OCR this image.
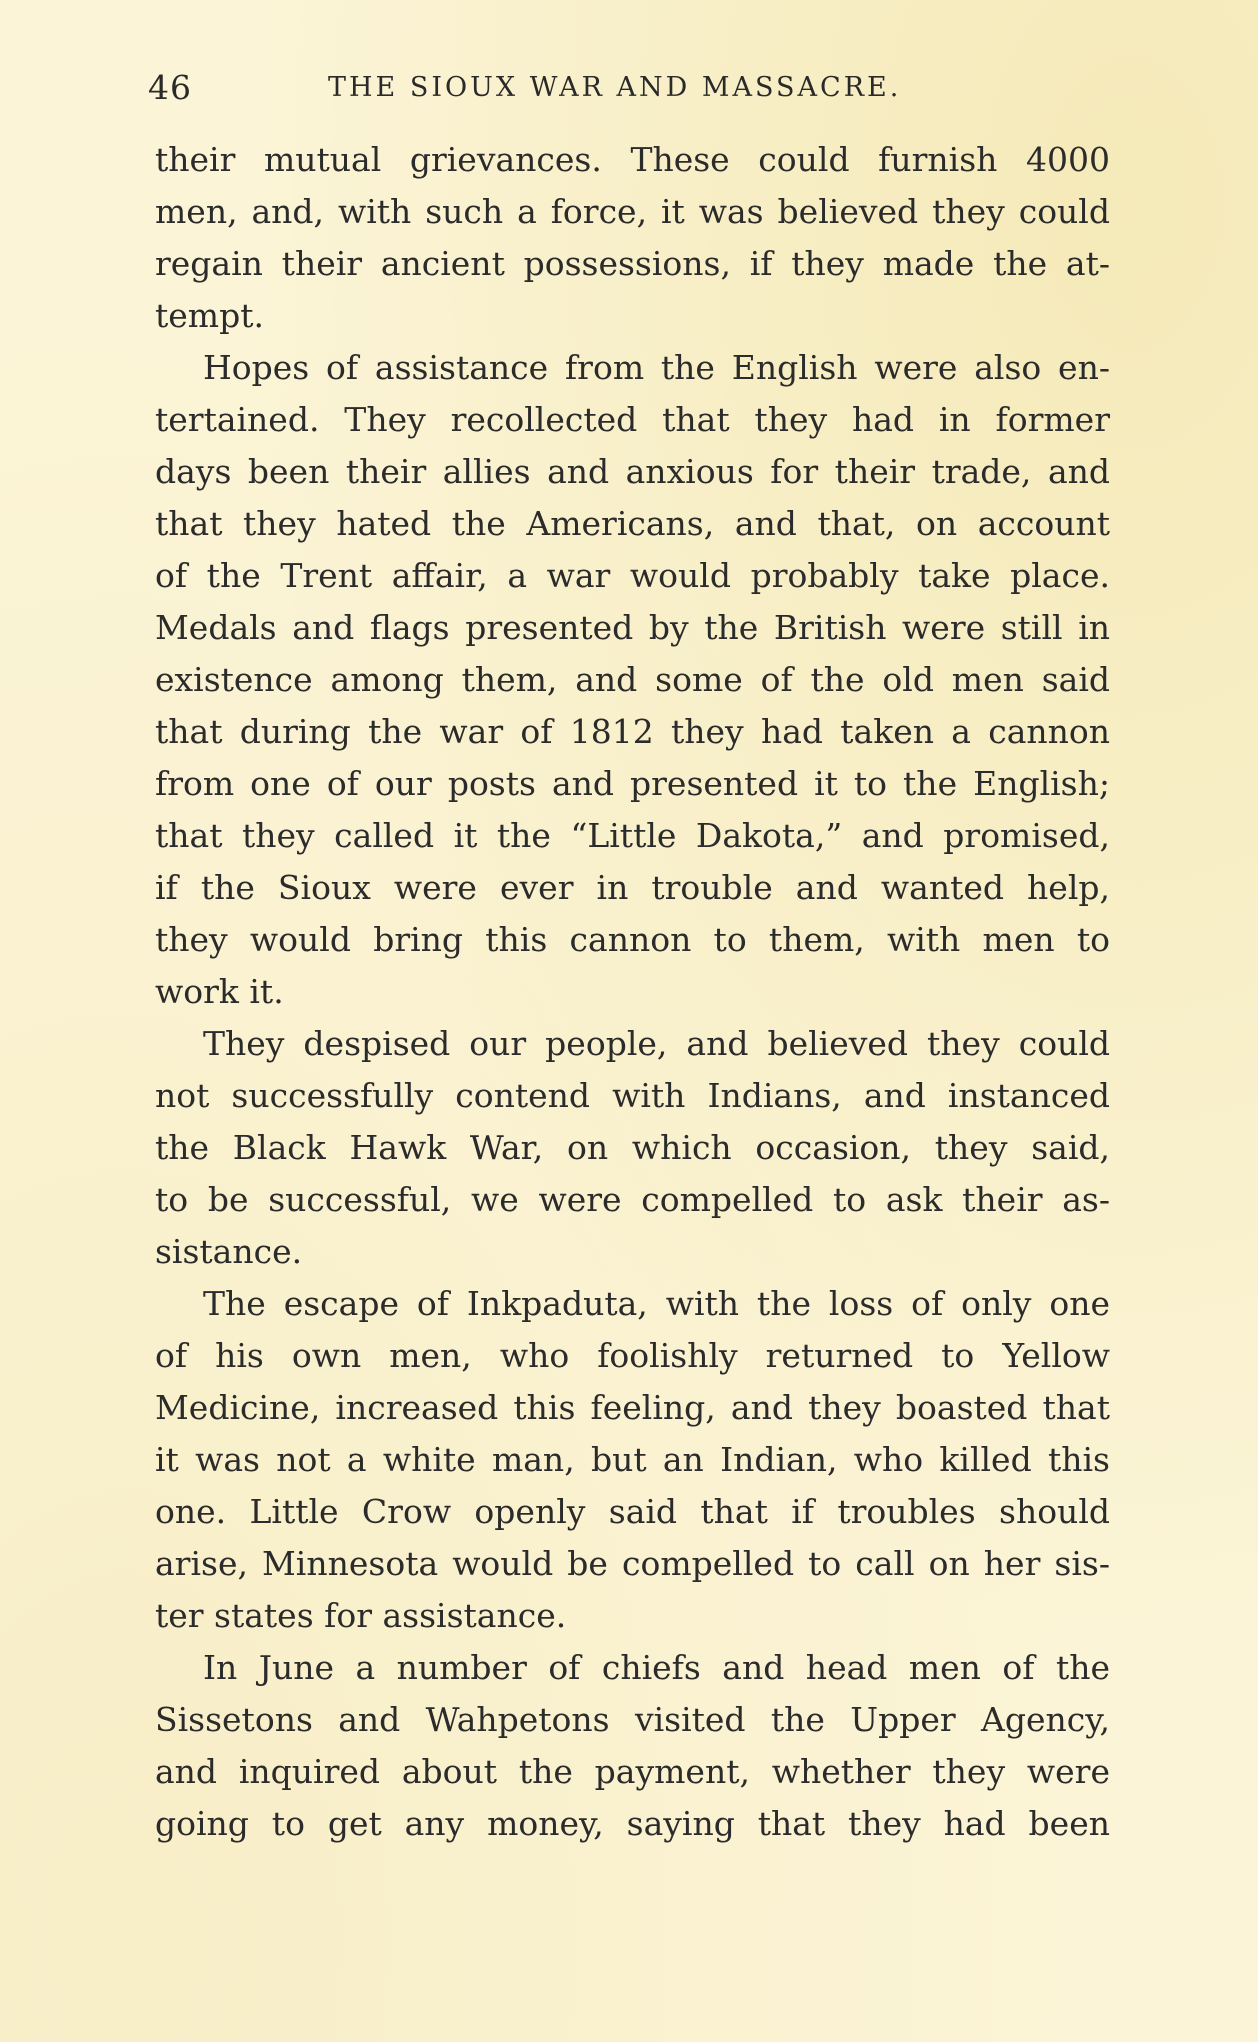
46	THE SIOUX WAR AND MASSACRE.
their mutual grievances. These could furnish 4000
men, and, with such a force, it was believed they could
regain their ancient possessions, if they made the at-
tempt.
Hopes of assistance from the English were also en-
tertained. They recollected that they had in former
days been their allies and anxious for their trade, and
that they hated the Americans, and that, on account
of the Trent affair, a war would probably take place.
Medals and flags presented by the British were still in
existence among them, and some of the old men said
that during the war of 1812 they had taken a cannon
from one of our posts and presented it to the English;
that they called it the “Little Dakota,” and promised,
if the Sioux were ever in trouble and wanted help,
they would bring this cannon to them, with men to
work it.
They despised our people, and believed they could
not successfully contend with Indians, and instanced
the Black Hawk War, on which occasion, they said,
to be successful, we were compelled to ask their as-
sistance.
The escape of Inkpaduta, with the loss of only one
of his own men, who foolishly returned to Yellow
Medicine, increased this feeling, and they boasted that
it was not a white man, but an Indian, who killed this
one. Little Crow openly said that if troubles should
arise, Minnesota would be compelled to call on her sis-
ter states for assistance.
In June a number of chiefs and head men of the
Sissetons and Wahpetons visited the Upper Agency,
and inquired about the payment, whether they were
going to get any money, saying that they had been
